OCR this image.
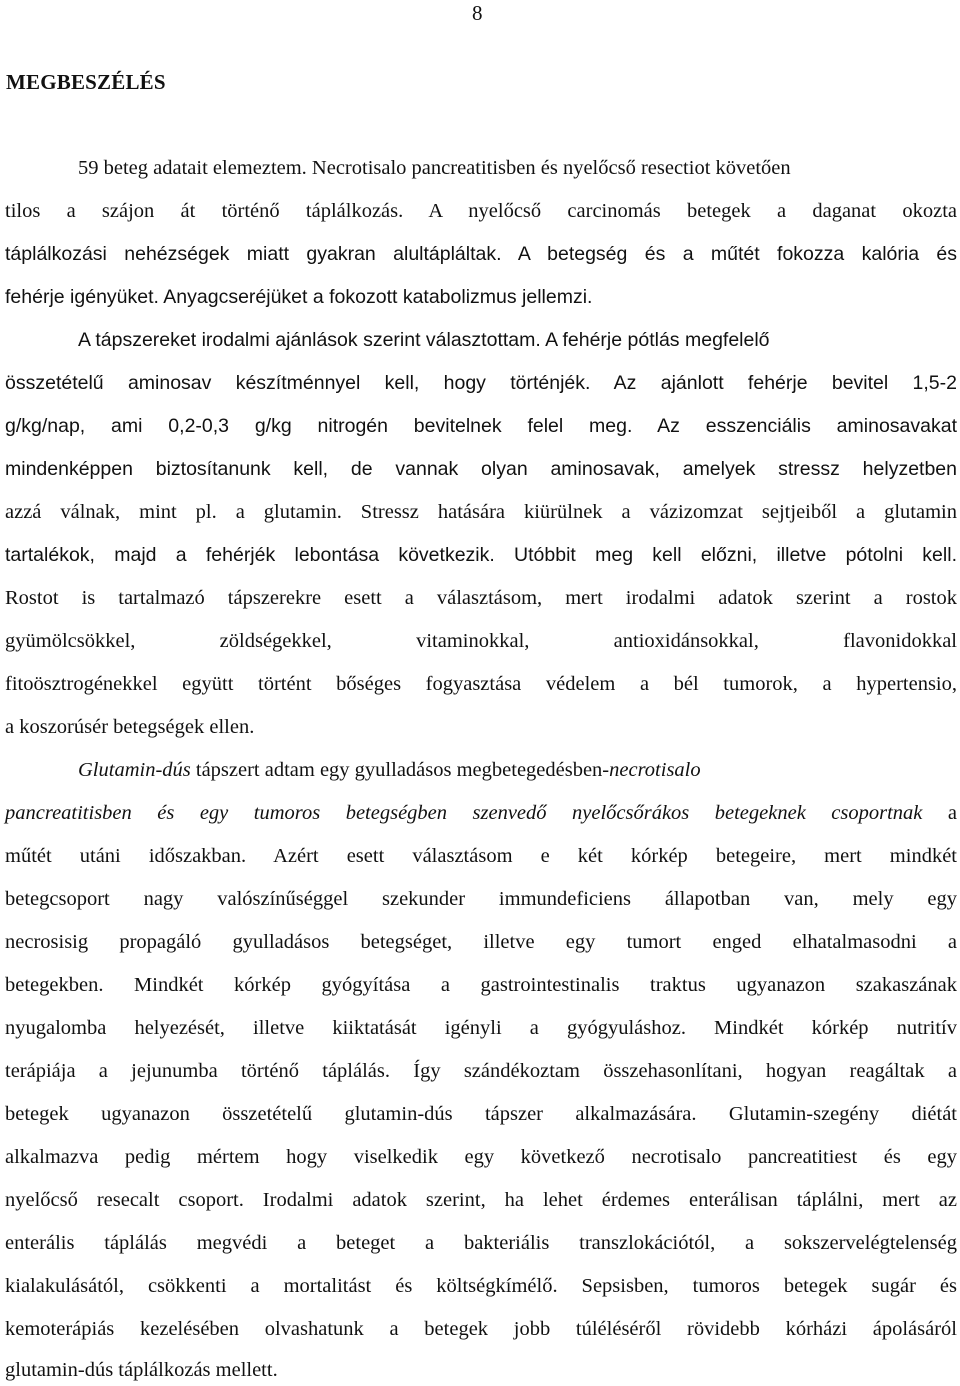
8
MEGBESZÉLÉS
59 beteg adatait elemeztem. Necrotisalo pancreatitisben és nyelőcső resectiot követően
tilos a szájon át történő táplálkozás. A nyelőcső carcinomás betegek a daganat okozta
táplálkozási nehézségek miatt gyakran alultápláltak. A betegség és a műtét fokozza kalória és
fehérje igényüket. Anyagcseréjüket a fokozott katabolizmus jellemzi.
A tápszereket irodalmi ajánlások szerint választottam. A fehérje pótlás megfelelő
összetételű aminosav készítménnyel kell, hogy történjék. Az ajánlott fehérje bevitel 1,5-2
g/kg/nap, ami 0,2-0,3 g/kg nitrogén bevitelnek felel meg. Az esszenciális aminosavakat
mindenképpen biztosítanunk kell, de vannak olyan aminosavak, amelyek stressz helyzetben
azzá válnak, mint pl. a glutamin. Stressz hatására kiürülnek a vázizomzat sejtjeiből a glutamin
tartalékok, majd a fehérjék lebontása következik. Utóbbit meg kell előzni, illetve pótolni kell.
Rostot is tartalmazó tápszerekre esett a választásom, mert irodalmi adatok szerint a rostok
gyümölcsökkel, zöldségekkel, vitaminokkal, antioxidánsokkal, flavonidokkal
fitoösztrogénekkel együtt történt bőséges fogyasztása védelem a bél tumorok, a hypertensio,
a koszorúsér betegségek ellen.
Glutamin-dús tápszert adtam egy gyulladásos megbetegedésben-necrotisalo
pancreatitisben és egy tumoros betegségben szenvedő nyelőcsőrákos betegeknek csoportnak a
műtét utáni időszakban. Azért esett választásom e két kórkép betegeire, mert mindkét
betegcsoport nagy valószínűséggel szekunder immundeficiens állapotban van, mely egy
necrosisig propagáló gyulladásos betegséget, illetve egy tumort enged elhatalmasodni a
betegekben. Mindkét kórkép gyógyítása a gastrointestinalis traktus ugyanazon szakaszának
nyugalomba helyezését, illetve kiiktatását igényli a gyógyuláshoz. Mindkét kórkép nutritív
terápiája a jejunumba történő táplálás. Így szándékoztam összehasonlítani, hogyan reagáltak a
betegek ugyanazon összetételű glutamin-dús tápszer alkalmazására. Glutamin-szegény diétát
alkalmazva pedig mértem hogy viselkedik egy következő necrotisalo pancreatitiest és egy
nyelőcső resecalt csoport. Irodalmi adatok szerint, ha lehet érdemes enterálisan táplálni, mert az
enterális táplálás megvédi a beteget a bakteriális transzlokációtól, a sokszervelégtelenség
kialakulásától, csökkenti a mortalitást és költségkímélő. Sepsisben, tumoros betegek sugár és
kemoterápiás kezelésében olvashatunk a betegek jobb túléléséről rövidebb kórházi ápolásáról
glutamin-dús táplálkozás mellett.
